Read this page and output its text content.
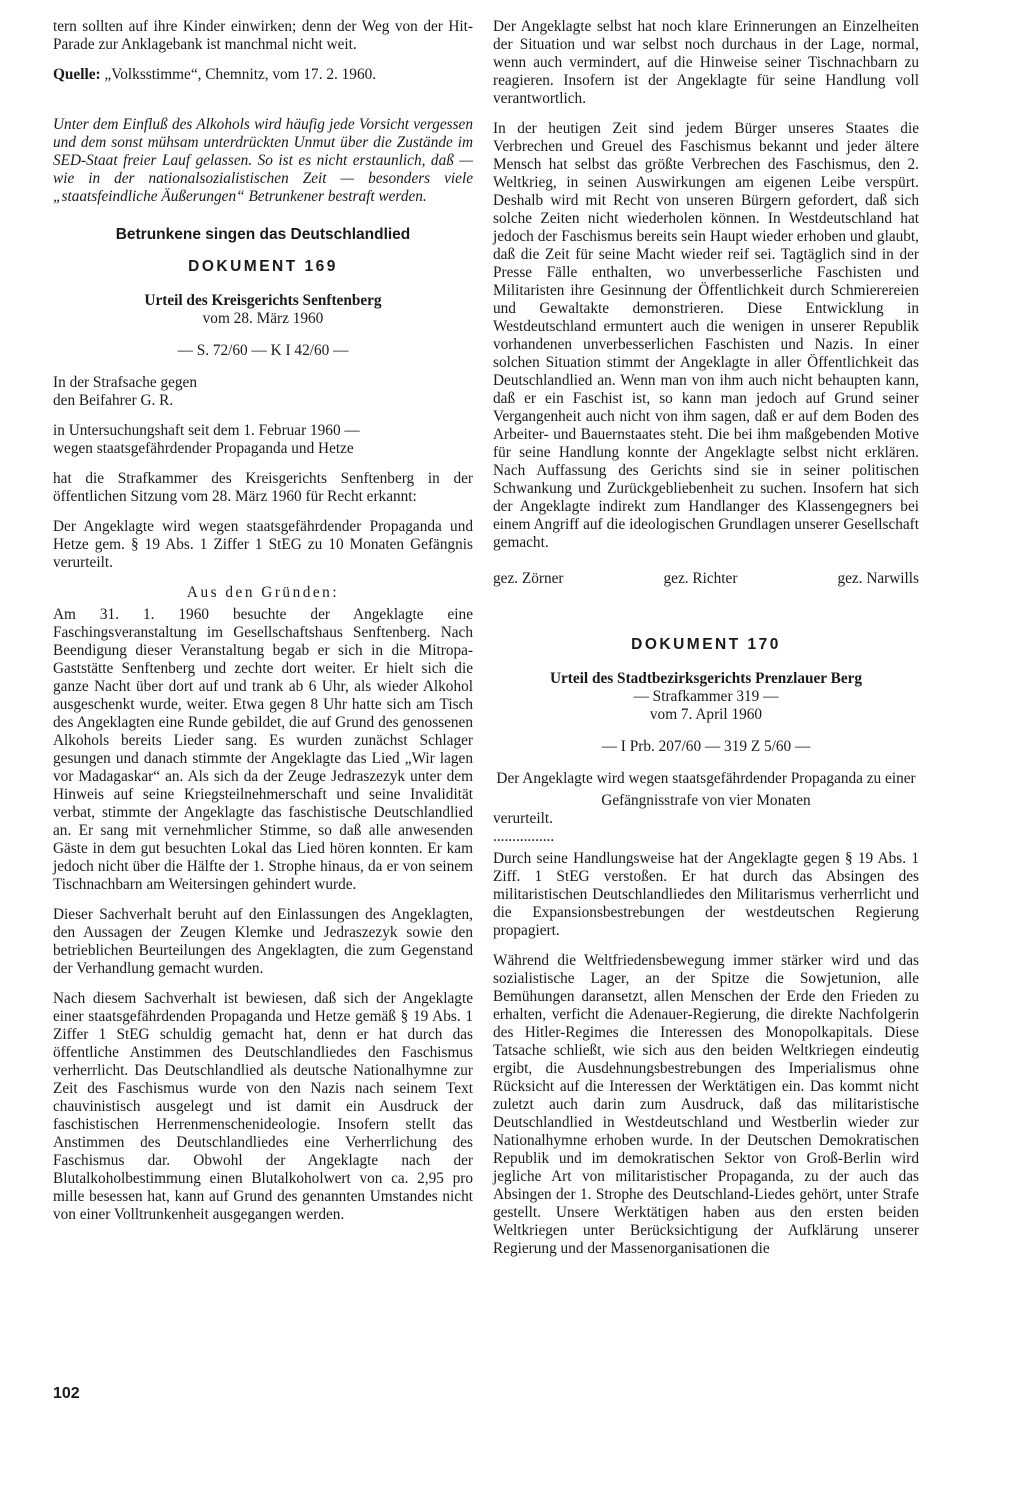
tern sollten auf ihre Kinder einwirken; denn der Weg von der Hit-Parade zur Anklagebank ist manchmal nicht weit.

Quelle: „Volksstimme“, Chemnitz, vom 17. 2. 1960.

Unter dem Einfluß des Alkohols wird häufig jede Vorsicht vergessen und dem sonst mühsam unterdrückten Unmut über die Zustände im SED-Staat freier Lauf gelassen. So ist es nicht erstaunlich, daß — wie in der nationalsozialistischen Zeit — besonders viele „staatsfeindliche Äußerungen“ Betrunkener bestraft werden.

Betrunkene singen das Deutschlandlied
DOKUMENT 169

Urteil des Kreisgerichts Senftenberg

vom 28. März 1960

— S. 72/60 — K I 42/60 —

In der Strafsache gegen

den Beifahrer G. R.

in Untersuchungshaft seit dem 1. Februar 1960 —

wegen staatsgefährdender Propaganda und Hetze

hat die Strafkammer des Kreisgerichts Senftenberg in der öffentlichen Sitzung vom 28. März 1960 für Recht erkannt:

Der Angeklagte wird wegen staatsgefährdender Propaganda und Hetze gem. § 19 Abs. 1 Ziffer 1 StEG zu 10 Monaten Gefängnis verurteilt.

Aus den Gründen:

Am 31. 1. 1960 besuchte der Angeklagte eine Faschingsveranstaltung im Gesellschaftshaus Senftenberg. Nach Beendigung dieser Veranstaltung begab er sich in die Mitropa-Gaststätte Senftenberg und zechte dort weiter. Er hielt sich die ganze Nacht über dort auf und trank ab 6 Uhr, als wieder Alkohol ausgeschenkt wurde, weiter. Etwa gegen 8 Uhr hatte sich am Tisch des Angeklagten eine Runde gebildet, die auf Grund des genossenen Alkohols bereits Lieder sang. Es wurden zunächst Schlager gesungen und danach stimmte der Angeklagte das Lied „Wir lagen vor Madagaskar“ an. Als sich da der Zeuge Jedraszezyk unter dem Hinweis auf seine Kriegsteilnehmerschaft und seine Invalidität verbat, stimmte der Angeklagte das faschistische Deutschlandlied an. Er sang mit vernehmlicher Stimme, so daß alle anwesenden Gäste in dem gut besuchten Lokal das Lied hören konnten. Er kam jedoch nicht über die Hälfte der 1. Strophe hinaus, da er von seinem Tischnachbarn am Weitersingen gehindert wurde.

Dieser Sachverhalt beruht auf den Einlassungen des Angeklagten, den Aussagen der Zeugen Klemke und Jedraszezyk sowie den betrieblichen Beurteilungen des Angeklagten, die zum Gegenstand der Verhandlung gemacht wurden.

Nach diesem Sachverhalt ist bewiesen, daß sich der Angeklagte einer staatsgefährdenden Propaganda und Hetze gemäß § 19 Abs. 1 Ziffer 1 StEG schuldig gemacht hat, denn er hat durch das öffentliche Anstimmen des Deutschlandliedes den Faschismus verherrlicht. Das Deutschlandlied als deutsche Nationalhymne zur Zeit des Faschismus wurde von den Nazis nach seinem Text chauvinistisch ausgelegt und ist damit ein Ausdruck der faschistischen Herrenmenschenideologie. Insofern stellt das Anstimmen des Deutschlandliedes eine Verherrlichung des Faschismus dar. Obwohl der Angeklagte nach der Blutalkoholbestimmung einen Blutalkoholwert von ca. 2,95 pro mille besessen hat, kann auf Grund des genannten Umstandes nicht von einer Volltrunkenheit ausgegangen werden.

Der Angeklagte selbst hat noch klare Erinnerungen an Einzelheiten der Situation und war selbst noch durchaus in der Lage, normal, wenn auch vermindert, auf die Hinweise seiner Tischnachbarn zu reagieren. Insofern ist der Angeklagte für seine Handlung voll verantwortlich.

In der heutigen Zeit sind jedem Bürger unseres Staates die Verbrechen und Greuel des Faschismus bekannt und jeder ältere Mensch hat selbst das größte Verbrechen des Faschismus, den 2. Weltkrieg, in seinen Auswirkungen am eigenen Leibe verspürt. Deshalb wird mit Recht von unseren Bürgern gefordert, daß sich solche Zeiten nicht wiederholen können. In Westdeutschland hat jedoch der Faschismus bereits sein Haupt wieder erhoben und glaubt, daß die Zeit für seine Macht wieder reif sei. Tagtäglich sind in der Presse Fälle enthalten, wo unverbesserliche Faschisten und Militaristen ihre Gesinnung der Öffentlichkeit durch Schmierereien und Gewaltakte demonstrieren. Diese Entwicklung in Westdeutschland ermuntert auch die wenigen in unserer Republik vorhandenen unverbesserlichen Faschisten und Nazis. In einer solchen Situation stimmt der Angeklagte in aller Öffentlichkeit das Deutschlandlied an. Wenn man von ihm auch nicht behaupten kann, daß er ein Faschist ist, so kann man jedoch auf Grund seiner Vergangenheit auch nicht von ihm sagen, daß er auf dem Boden des Arbeiter- und Bauernstaates steht. Die bei ihm maßgebenden Motive für seine Handlung konnte der Angeklagte selbst nicht erklären. Nach Auffassung des Gerichts sind sie in seiner politischen Schwankung und Zurückgebliebenheit zu suchen. Insofern hat sich der Angeklagte indirekt zum Handlanger des Klassengegners bei einem Angriff auf die ideologischen Grundlagen unserer Gesellschaft gemacht.

gez. Zörner	gez. Richter	gez. Narwills
DOKUMENT 170

Urteil des Stadtbezirksgerichts Prenzlauer Berg

— Strafkammer 319 —

vom 7. April 1960

— I Prb. 207/60 — 319 Z 5/60 —

Der Angeklagte wird wegen staatsgefährdender Propaganda zu einer

Gefängnisstrafe von vier Monaten

verurteilt.

................

Durch seine Handlungsweise hat der Angeklagte gegen § 19 Abs. 1 Ziff. 1 StEG verstoßen. Er hat durch das Absingen des militaristischen Deutschlandliedes den Militarismus verherrlicht und die Expansionsbestrebungen der westdeutschen Regierung propagiert.

Während die Weltfriedensbewegung immer stärker wird und das sozialistische Lager, an der Spitze die Sowjetunion, alle Bemühungen daransetzt, allen Menschen der Erde den Frieden zu erhalten, verficht die Adenauer-Regierung, die direkte Nachfolgerin des Hitler-Regimes die Interessen des Monopolkapitals. Diese Tatsache schließt, wie sich aus den beiden Weltkriegen eindeutig ergibt, die Ausdehnungsbestrebungen des Imperialismus ohne Rücksicht auf die Interessen der Werktätigen ein. Das kommt nicht zuletzt auch darin zum Ausdruck, daß das militaristische Deutschlandlied in Westdeutschland und Westberlin wieder zur Nationalhymne erhoben wurde. In der Deutschen Demokratischen Republik und im demokratischen Sektor von Groß-Berlin wird jegliche Art von militaristischer Propaganda, zu der auch das Absingen der 1. Strophe des Deutschland-Liedes gehört, unter Strafe gestellt. Unsere Werktätigen haben aus den ersten beiden Weltkriegen unter Berücksichtigung der Aufklärung unserer Regierung und der Massenorganisationen die

102
